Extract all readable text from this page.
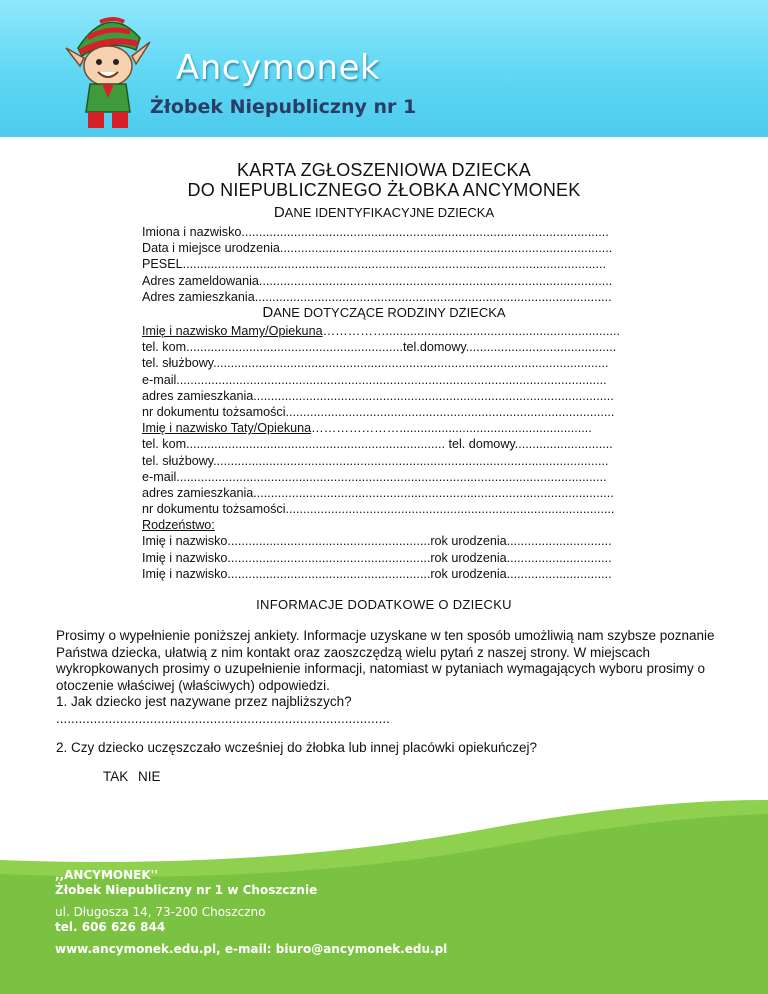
Ancymonek
Żłobek Niepubliczny nr 1
KARTA ZGŁOSZENIOWA DZIECKA
DO NIEPUBLICZNEGO ŻŁOBKA ANCYMONEK
DANE IDENTYFIKACYJNE DZIECKA
Imiona i nazwisko.........................................................................................................
Data i miejsce urodzenia...............................................................................................
PESEL.........................................................................................................................
Adres zameldowania.....................................................................................................
Adres zamieszkania......................................................................................................
DANE DOTYCZĄCE RODZINY DZIECKA
Imię i nazwisko Mamy/Opiekuna……………...................................................................
tel. kom..............................................................tel.domowy...........................................
tel. służbowy.................................................................................................................
e-mail...........................................................................................................................
adres zamieszkania.......................................................................................................
nr dokumentu tożsamości..............................................................................................
Imię i nazwisko Taty/Opiekuna………………….......................................................
tel. kom.......................................................................... tel. domowy............................
tel. służbowy.................................................................................................................
e-mail...........................................................................................................................
adres zamieszkania.......................................................................................................
nr dokumentu tożsamości..............................................................................................
Rodzeństwo:
Imię i nazwisko..........................................................rok urodzenia..............................
Imię i nazwisko..........................................................rok urodzenia..............................
Imię i nazwisko..........................................................rok urodzenia..............................
INFORMACJE DODATKOWE O DZIECKU
Prosimy o wypełnienie poniższej ankiety. Informacje uzyskane w ten sposób umożliwią nam szybsze poznanie Państwa dziecka, ułatwią z nim kontakt oraz zaoszczędzą wielu pytań z naszej strony. W miejscach wykropkowanych prosimy o uzupełnienie informacji, natomiast w pytaniach wymagających wyboru prosimy o otoczenie właściwej (właściwych) odpowiedzi.
1. Jak dziecko jest nazywane przez najbliższych?
.........................................................................................
2. Czy dziecko uczęszczało wcześniej do żłobka lub innej placówki opiekuńczej?
TAK NIE
,,ANCYMONEK''
Żłobek Niepubliczny nr 1 w Choszcznie
ul. Długosza 14, 73-200 Choszczno
tel. 606 626 844
www.ancymonek.edu.pl, e-mail: biuro@ancymonek.edu.pl
